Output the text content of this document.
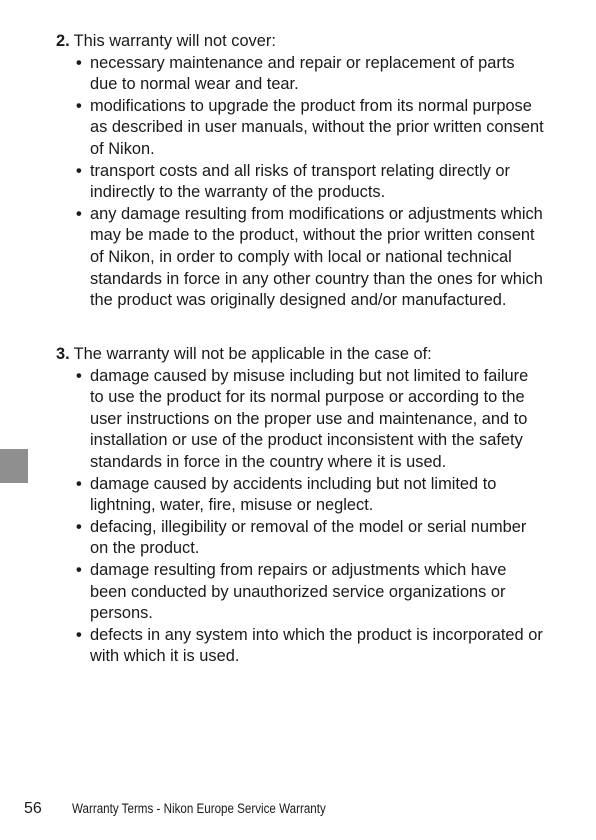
2. This warranty will not cover:
• necessary maintenance and repair or replacement of parts due to normal wear and tear.
• modifications to upgrade the product from its normal purpose as described in user manuals, without the prior written consent of Nikon.
• transport costs and all risks of transport relating directly or indirectly to the warranty of the products.
• any damage resulting from modifications or adjustments which may be made to the product, without the prior written consent of Nikon, in order to comply with local or national technical standards in force in any other country than the ones for which the product was originally designed and/or manufactured.
3. The warranty will not be applicable in the case of:
• damage caused by misuse including but not limited to failure to use the product for its normal purpose or according to the user instructions on the proper use and maintenance, and to installation or use of the product inconsistent with the safety standards in force in the country where it is used.
• damage caused by accidents including but not limited to lightning, water, fire, misuse or neglect.
• defacing, illegibility or removal of the model or serial number on the product.
• damage resulting from repairs or adjustments which have been conducted by unauthorized service organizations or persons.
• defects in any system into which the product is incorporated or with which it is used.
56	Warranty Terms - Nikon Europe Service Warranty
